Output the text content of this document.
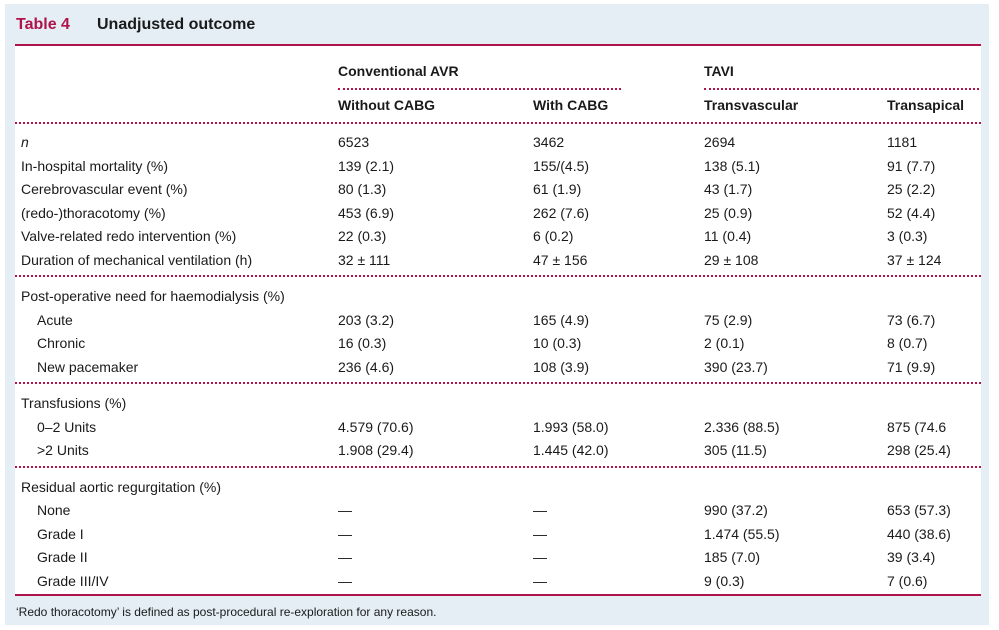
Table 4 Unadjusted outcome
Conventional AVR	TAVI
Without CABG	With CABG	Transvascular	Transapical
n	6523	3462	2694	1181
In-hospital mortality (%)	139 (2.1)	155/(4.5)	138 (5.1)	91 (7.7)
Cerebrovascular event (%)	80 (1.3)	61 (1.9)	43 (1.7)	25 (2.2)
(redo-)thoracotomy (%)	453 (6.9)	262 (7.6)	25 (0.9)	52 (4.4)
Valve-related redo intervention (%)	22 (0.3)	6 (0.2)	11 (0.4)	3 (0.3)
Duration of mechanical ventilation (h)	32 ± 111	47 ± 156	29 ± 108	37 ± 124
Post-operative need for haemodialysis (%)
Acute	203 (3.2)	165 (4.9)	75 (2.9)	73 (6.7)
Chronic	16 (0.3)	10 (0.3)	2 (0.1)	8 (0.7)
New pacemaker	236 (4.6)	108 (3.9)	390 (23.7)	71 (9.9)
Transfusions (%)
0–2 Units	4.579 (70.6)	1.993 (58.0)	2.336 (88.5)	875 (74.6
>2 Units	1.908 (29.4)	1.445 (42.0)	305 (11.5)	298 (25.4)
Residual aortic regurgitation (%)
None	—	—	990 (37.2)	653 (57.3)
Grade I	—	—	1.474 (55.5)	440 (38.6)
Grade II	—	—	185 (7.0)	39 (3.4)
Grade III/IV	—	—	9 (0.3)	7 (0.6)
‘Redo thoracotomy’ is defined as post-procedural re-exploration for any reason.
